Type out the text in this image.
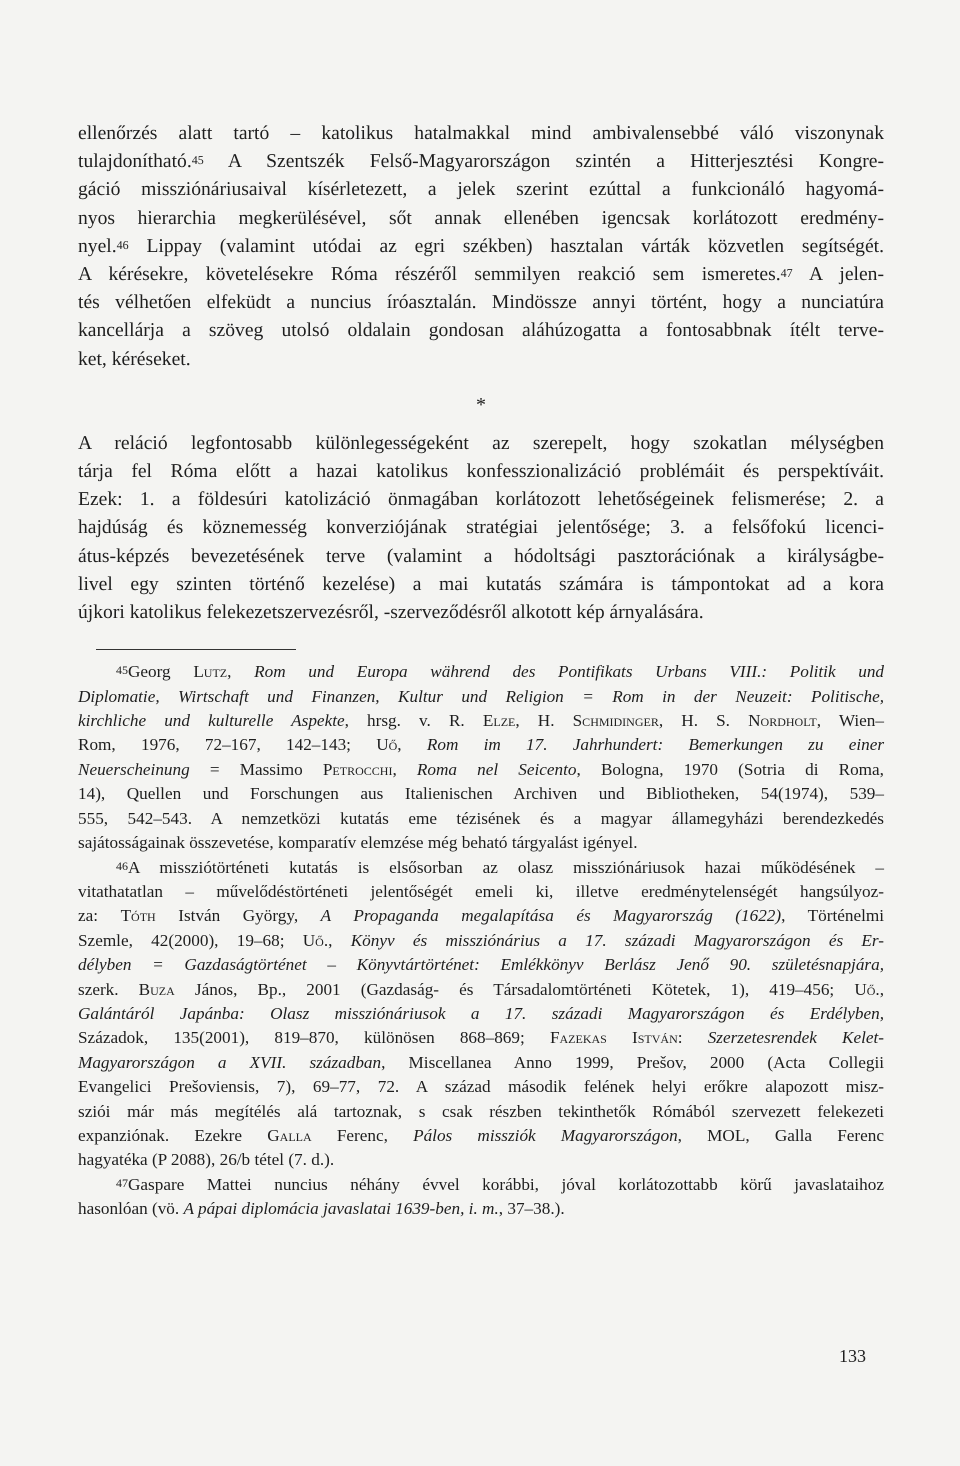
ellenőrzés alatt tartó – katolikus hatalmakkal mind ambivalensebbé váló viszonynak
tulajdonítható.$^{45}$ A Szentszék Felső-Magyarországon szintén a Hitterjesztési Kongre-
gáció missziónáriusaival kísérletezett, a jelek szerint ezúttal a funkcionáló hagyomá-
nyos hierarchia megkerülésével, sőt annak ellenében igencsak korlátozott eredmény-
nyel.$^{46}$ Lippay (valamint utódai az egri székben) hasztalan várták közvetlen segítségét.
A kérésekre, követelésekre Róma részéről semmilyen reakció sem ismeretes.$^{47}$ A jelen-
tés vélhetően elfeküdt a nuncius íróasztalán. Mindössze annyi történt, hogy a nunciatúra
kancellárja a szöveg utolsó oldalain gondosan aláhúzogatta a fontosabbnak ítélt terve-
ket, kéréseket.

*

A reláció legfontosabb különlegességeként az szerepelt, hogy szokatlan mélységben
tárja fel Róma előtt a hazai katolikus konfesszionalizáció problémáit és perspektíváit.
Ezek: 1. a földesúri katolizáció önmagában korlátozott lehetőségeinek felismerése; 2. a
hajdúság és köznemesség konverziójának stratégiai jelentősége; 3. a felsőfokú licenci-
átus-képzés bevezetésének terve (valamint a hódoltsági pasztorációnak a királyságbe-
livel egy szinten történő kezelése) a mai kutatás számára is támpontokat ad a kora
újkori katolikus felekezetszervezésről, -szerveződésről alkotott kép árnyalására.

$^{45}$Georg Lutz, Rom und Europa während des Pontifikats Urbans VIII.: Politik und
Diplomatie, Wirtschaft und Finanzen, Kultur und Religion = Rom in der Neuzeit: Politische,
kirchliche und kulturelle Aspekte, hrsg. v. R. Elze, H. Schmidinger, H. S. Nordholt, Wien–
Rom, 1976, 72–167, 142–143; Uő, Rom im 17. Jahrhundert: Bemerkungen zu einer
Neuerscheinung = Massimo Petrocchi, Roma nel Seicento, Bologna, 1970 (Sotria di Roma,
14), Quellen und Forschungen aus Italienischen Archiven und Bibliotheken, 54(1974), 539–
555, 542–543. A nemzetközi kutatás eme tézisének és a magyar államegyházi berendezkedés
sajátosságainak összevetése, komparatív elemzése még beható tárgyalást igényel.
$^{46}$A missziótörténeti kutatás is elsősorban az olasz missziónáriusok hazai működésének –
vitathatatlan – művelődéstörténeti jelentőségét emeli ki, illetve eredménytelenségét hangsúlyoz-
za: Tóth István György, A Propaganda megalapítása és Magyarország (1622), Történelmi
Szemle, 42(2000), 19–68; Uő., Könyv és missziónárius a 17. századi Magyarországon és Er-
délyben = Gazdaságtörténet – Könyvtártörténet: Emlékkönyv Berlász Jenő 90. születésnapjára,
szerk. Buza János, Bp., 2001 (Gazdaság- és Társadalomtörténeti Kötetek, 1), 419–456; Uő.,
Galántáról Japánba: Olasz missziónáriusok a 17. századi Magyarországon és Erdélyben,
Századok, 135(2001), 819–870, különösen 868–869; Fazekas István: Szerzetesrendek Kelet-
Magyarországon a XVII. században, Miscellanea Anno 1999, Prešov, 2000 (Acta Collegii
Evangelici Prešoviensis, 7), 69–77, 72. A század második felének helyi erőkre alapozott misz-
sziói már más megítélés alá tartoznak, s csak részben tekinthetők Rómából szervezett felekezeti
expanziónak. Ezekre Galla Ferenc, Pálos missziók Magyarországon, MOL, Galla Ferenc
hagyatéka (P 2088), 26/b tétel (7. d.).
$^{47}$Gaspare Mattei nuncius néhány évvel korábbi, jóval korlátozottabb körű javaslataihoz
hasonlóan (vö. A pápai diplomácia javaslatai 1639-ben, i. m., 37–38.).
133
